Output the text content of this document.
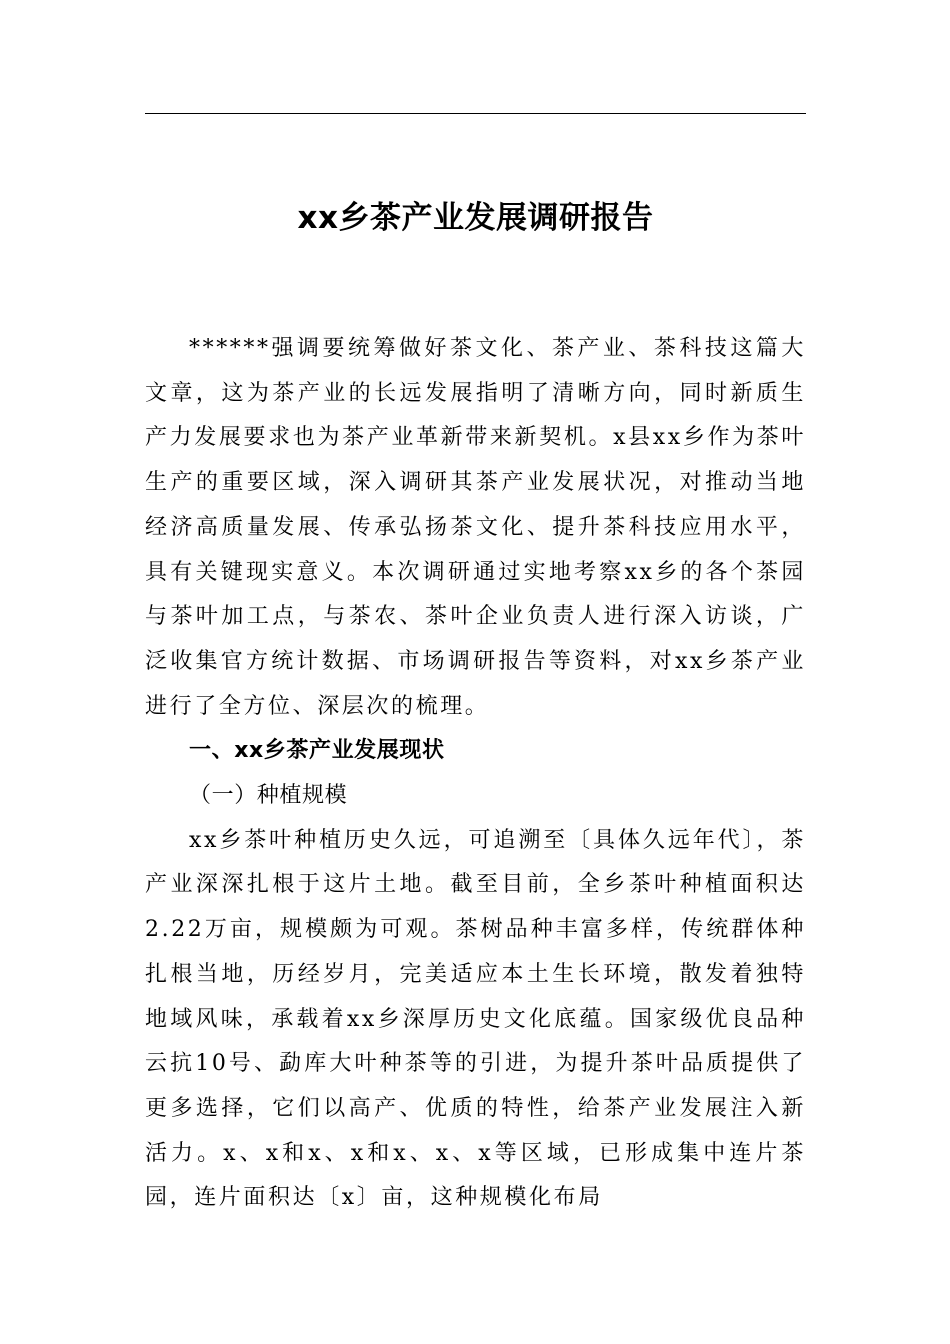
xx乡茶产业发展调研报告

******强调要统筹做好茶文化、茶产业、茶科技这篇大文章，这为茶产业的长远发展指明了清晰方向，同时新质生产力发展要求也为茶产业革新带来新契机。x县xx乡作为茶叶生产的重要区域，深入调研其茶产业发展状况，对推动当地经济高质量发展、传承弘扬茶文化、提升茶科技应用水平，具有关键现实意义。本次调研通过实地考察xx乡的各个茶园与茶叶加工点，与茶农、茶叶企业负责人进行深入访谈，广泛收集官方统计数据、市场调研报告等资料，对xx乡茶产业进行了全方位、深层次的梳理。

一、xx乡茶产业发展现状

（一）种植规模

xx乡茶叶种植历史久远，可追溯至〔具体久远年代〕，茶产业深深扎根于这片土地。截至目前，全乡茶叶种植面积达2.22万亩，规模颇为可观。茶树品种丰富多样，传统群体种扎根当地，历经岁月，完美适应本土生长环境，散发着独特地域风味，承载着xx乡深厚历史文化底蕴。国家级优良品种云抗10号、勐库大叶种茶等的引进，为提升茶叶品质提供了更多选择，它们以高产、优质的特性，给茶产业发展注入新活力。x、x和x、x和x、x、x等区域，已形成集中连片茶园，连片面积达〔x〕亩，这种规模化布局
